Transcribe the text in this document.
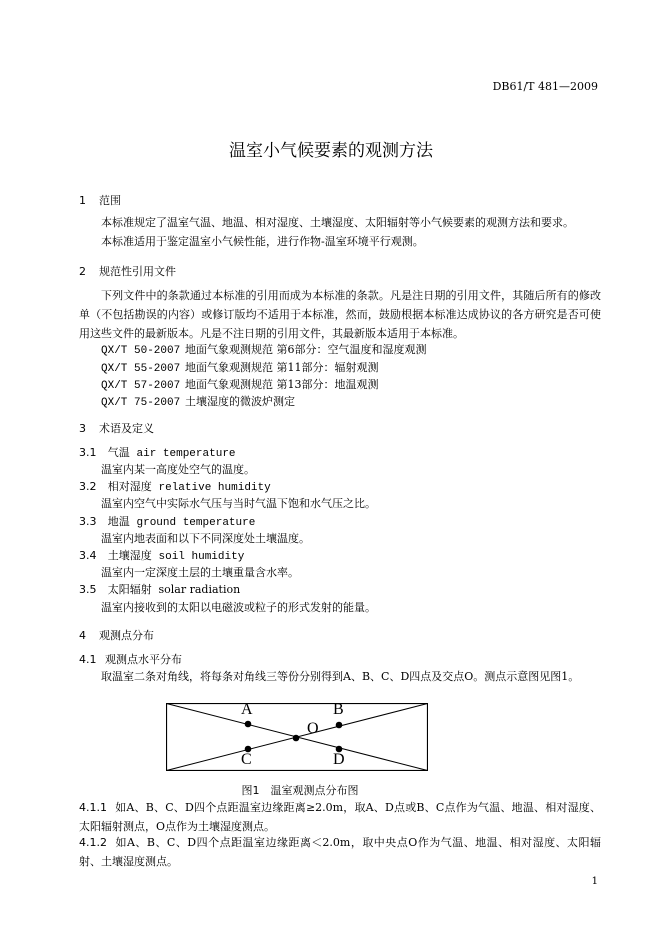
DB61/T 481—2009
温室小气候要素的观测方法
1 范围
本标准规定了温室气温、地温、相对湿度、土壤湿度、太阳辐射等小气候要素的观测方法和要求。
本标准适用于鉴定温室小气候性能，进行作物-温室环境平行观测。
2 规范性引用文件
下列文件中的条款通过本标准的引用而成为本标准的条款。凡是注日期的引用文件，其随后所有的修改单（不包括勘误的内容）或修订版均不适用于本标准，然而，鼓励根据本标准达成协议的各方研究是否可使用这些文件的最新版本。凡是不注日期的引用文件，其最新版本适用于本标准。
QX/T 50-2007 地面气象观测规范 第6部分：空气温度和湿度观测
QX/T 55-2007 地面气象观测规范 第11部分：辐射观测
QX/T 57-2007 地面气象观测规范 第13部分：地温观测
QX/T 75-2007 土壤湿度的微波炉测定
3 术语及定义
3.1 气温 air temperature
温室内某一高度处空气的温度。
3.2 相对湿度 relative humidity
温室内空气中实际水气压与当时气温下饱和水气压之比。
3.3 地温 ground temperature
温室内地表面和以下不同深度处土壤温度。
3.4 土壤湿度 soil humidity
温室内一定深度土层的土壤重量含水率。
3.5 太阳辐射 solar radiation
温室内接收到的太阳以电磁波或粒子的形式发射的能量。
4 观测点分布
4.1 观测点水平分布
取温室二条对角线，将每条对角线三等份分别得到A、B、C、D四点及交点O。测点示意图见图1。
A	B
O
C	D
图1　温室观测点分布图
4.1.1 如A、B、C、D四个点距温室边缘距离≥2.0m，取A、D点或B、C点作为气温、地温、相对湿度、太阳辐射测点，O点作为土壤湿度测点。
4.1.2 如A、B、C、D四个点距温室边缘距离＜2.0m，取中央点O作为气温、地温、相对湿度、太阳辐射、土壤湿度测点。
1
